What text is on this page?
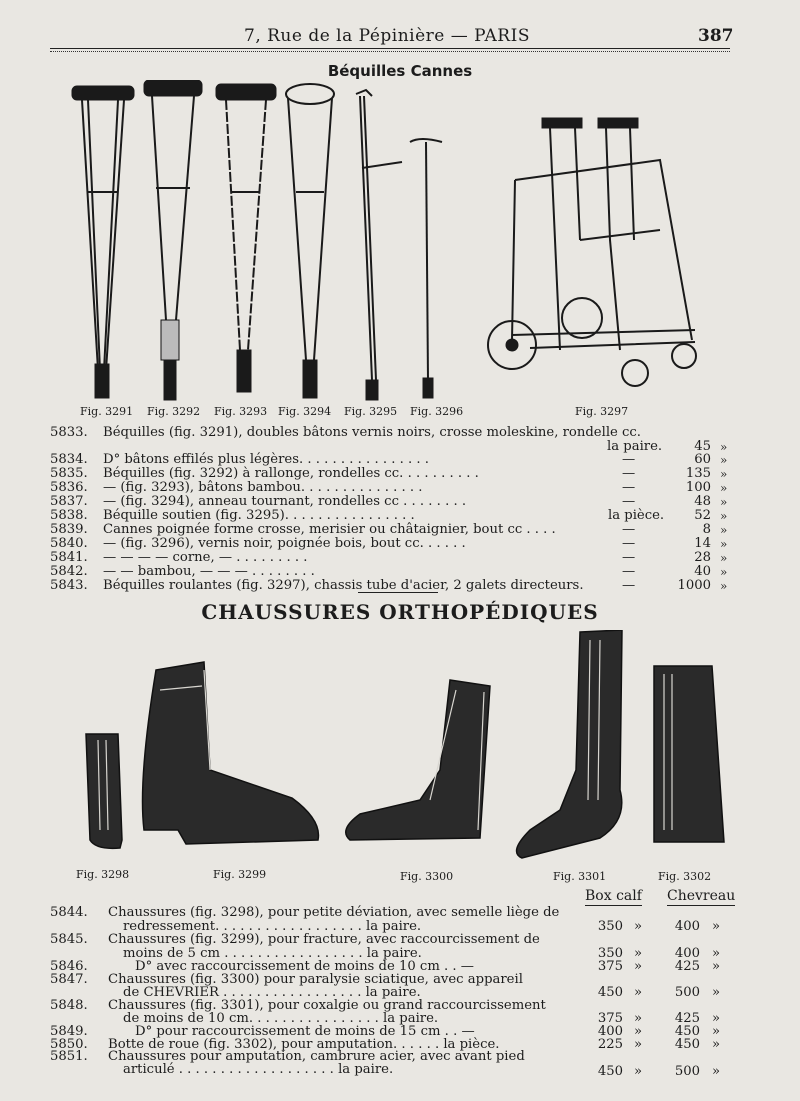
7, Rue de la Pépinière — PARIS	387
Béquilles Cannes
Fig. 3291 Fig. 3292 Fig. 3293 Fig. 3294 Fig. 3295 Fig. 3296	Fig. 3297
5833. Béquilles (fig. 3291), doubles bâtons vernis noirs, crosse moleskine, rondelle cc.
la paire.	45 »
5834. D° bâtons effilés plus légères. . . . . . . . . . . . . . . .	—	60 »
5835. Béquilles (fig. 3292) à rallonge, rondelles cc. . . . . . . . . .	—	135 »
5836. — (fig. 3293), bâtons bambou. . . . . . . . . . . . . . .	—	100 »
5837. — (fig. 3294), anneau tournant, rondelles cc . . . . . . . .	—	48 »
5838. Béquille soutien (fig. 3295). . . . . . . . . . . . . . . .	la pièce.	52 »
5839. Cannes poignée forme crosse, merisier ou châtaignier, bout cc . . . .	—	8 »
5840. — (fig. 3296), vernis noir, poignée bois, bout cc. . . . . .	—	14 »
5841. — — — — corne, — . . . . . . . . .	—	28 »
5842. — — bambou, — — — . . . . . . . .	—	40 »
5843. Béquilles roulantes (fig. 3297), chassis tube d'acier, 2 galets directeurs.	—	1000 »
CHAUSSURES ORTHOPÉDIQUES
Fig. 3298	Fig. 3299	Fig. 3300	Fig. 3301	Fig. 3302
Box calf Chevreau
5844. Chaussures (fig. 3298), pour petite déviation, avec semelle liège de
redressement. . . . . . . . . . . . . . . . . . la paire.	350 »	400 »
5845. Chaussures (fig. 3299), pour fracture, avec raccourcissement de
moins de 5 cm . . . . . . . . . . . . . . . . . la paire.	350 »	400 »
5846.	D° avec raccourcissement de moins de 10 cm . . —	375 »	425 »
5847. Chaussures (fig. 3300) pour paralysie sciatique, avec appareil
de CHEVRIER . . . . . . . . . . . . . . . . . la paire.	450 »	500 »
5848. Chaussures (fig. 3301), pour coxalgie ou grand raccourcissement
de moins de 10 cm. . . . . . . . . . . . . . . . la paire.	375 »	425 »
5849.	D° pour raccourcissement de moins de 15 cm . . —	400 »	450 »
5850. Botte de roue (fig. 3302), pour amputation. . . . . . la pièce.	225 »	450 »
5851. Chaussures pour amputation, cambrure acier, avec avant pied
articulé . . . . . . . . . . . . . . . . . . . la paire.	450 »	500 »
